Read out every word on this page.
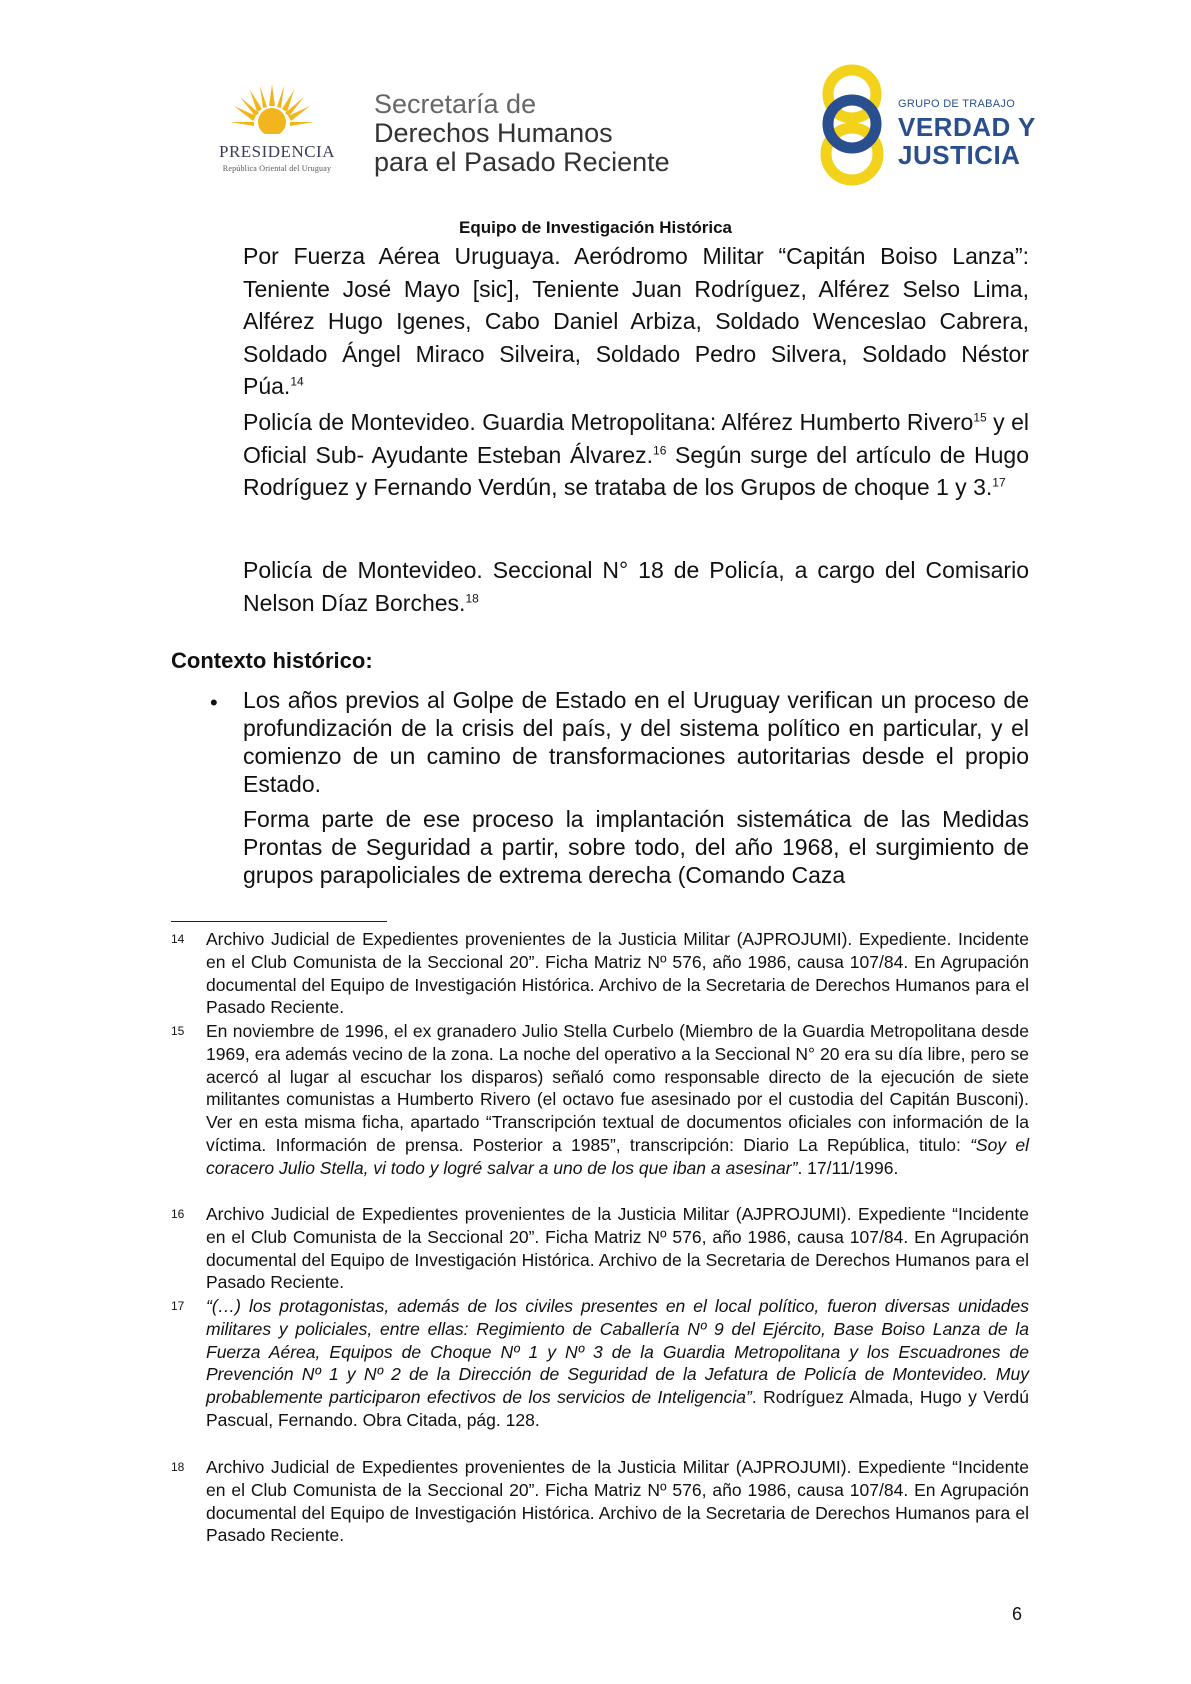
PRESIDENCIA
República Oriental del Uruguay
Secretaría de
Derechos Humanos
para el Pasado Reciente
GRUPO DE TRABAJO
VERDAD Y
JUSTICIA
Equipo de Investigación Histórica
Por Fuerza Aérea Uruguaya. Aeródromo Militar “Capitán Boiso Lanza”: Teniente José Mayo [sic], Teniente Juan Rodríguez, Alférez Selso Lima, Alférez Hugo Igenes, Cabo Daniel Arbiza, Soldado Wenceslao Cabrera, Soldado Ángel Miraco Silveira, Soldado Pedro Silvera, Soldado Néstor Púa.$^{14}$
Policía de Montevideo. Guardia Metropolitana: Alférez Humberto Rivero$^{15}$ y el Oficial Sub- Ayudante Esteban Álvarez.$^{16}$ Según surge del artículo de Hugo Rodríguez y Fernando Verdún, se trataba de los Grupos de choque 1 y 3.17
Policía de Montevideo. Seccional N° 18 de Policía, a cargo del Comisario Nelson Díaz Borches.$^{18}$
Contexto histórico:
• Los años previos al Golpe de Estado en el Uruguay verifican un proceso de profundización de la crisis del país, y del sistema político en particular, y el comienzo de un camino de transformaciones autoritarias desde el propio Estado.
Forma parte de ese proceso la implantación sistemática de las Medidas Prontas de Seguridad a partir, sobre todo, del año 1968, el surgimiento de grupos parapoliciales de extrema derecha (Comando Caza
14 Archivo Judicial de Expedientes provenientes de la Justicia Militar (AJPROJUMI). Expediente. Incidente en el Club Comunista de la Seccional 20”. Ficha Matriz Nº 576, año 1986, causa 107/84. En Agrupación documental del Equipo de Investigación Histórica. Archivo de la Secretaria de Derechos Humanos para el Pasado Reciente.
15 En noviembre de 1996, el ex granadero Julio Stella Curbelo (Miembro de la Guardia Metropolitana desde 1969, era además vecino de la zona. La noche del operativo a la Seccional N° 20 era su día libre, pero se acercó al lugar al escuchar los disparos) señaló como responsable directo de la ejecución de siete militantes comunistas a Humberto Rivero (el octavo fue asesinado por el custodia del Capitán Busconi). Ver en esta misma ficha, apartado “Transcripción textual de documentos oficiales con información de la víctima. Información de prensa. Posterior a 1985”, transcripción: Diario La República, titulo: “Soy el coracero Julio Stella, vi todo y logré salvar a uno de los que iban a asesinar”. 17/11/1996.
16 Archivo Judicial de Expedientes provenientes de la Justicia Militar (AJPROJUMI). Expediente “Incidente en el Club Comunista de la Seccional 20”. Ficha Matriz Nº 576, año 1986, causa 107/84. En Agrupación documental del Equipo de Investigación Histórica. Archivo de la Secretaria de Derechos Humanos para el Pasado Reciente.
17 “(…) los protagonistas, además de los civiles presentes en el local político, fueron diversas unidades militares y policiales, entre ellas: Regimiento de Caballería Nº 9 del Ejército, Base Boiso Lanza de la Fuerza Aérea, Equipos de Choque Nº 1 y Nº 3 de la Guardia Metropolitana y los Escuadrones de Prevención Nº 1 y Nº 2 de la Dirección de Seguridad de la Jefatura de Policía de Montevideo. Muy probablemente participaron efectivos de los servicios de Inteligencia”. Rodríguez Almada, Hugo y Verdú Pascual, Fernando. Obra Citada, pág. 128.
18 Archivo Judicial de Expedientes provenientes de la Justicia Militar (AJPROJUMI). Expediente “Incidente en el Club Comunista de la Seccional 20”. Ficha Matriz Nº 576, año 1986, causa 107/84. En Agrupación documental del Equipo de Investigación Histórica. Archivo de la Secretaria de Derechos Humanos para el Pasado Reciente.
6
